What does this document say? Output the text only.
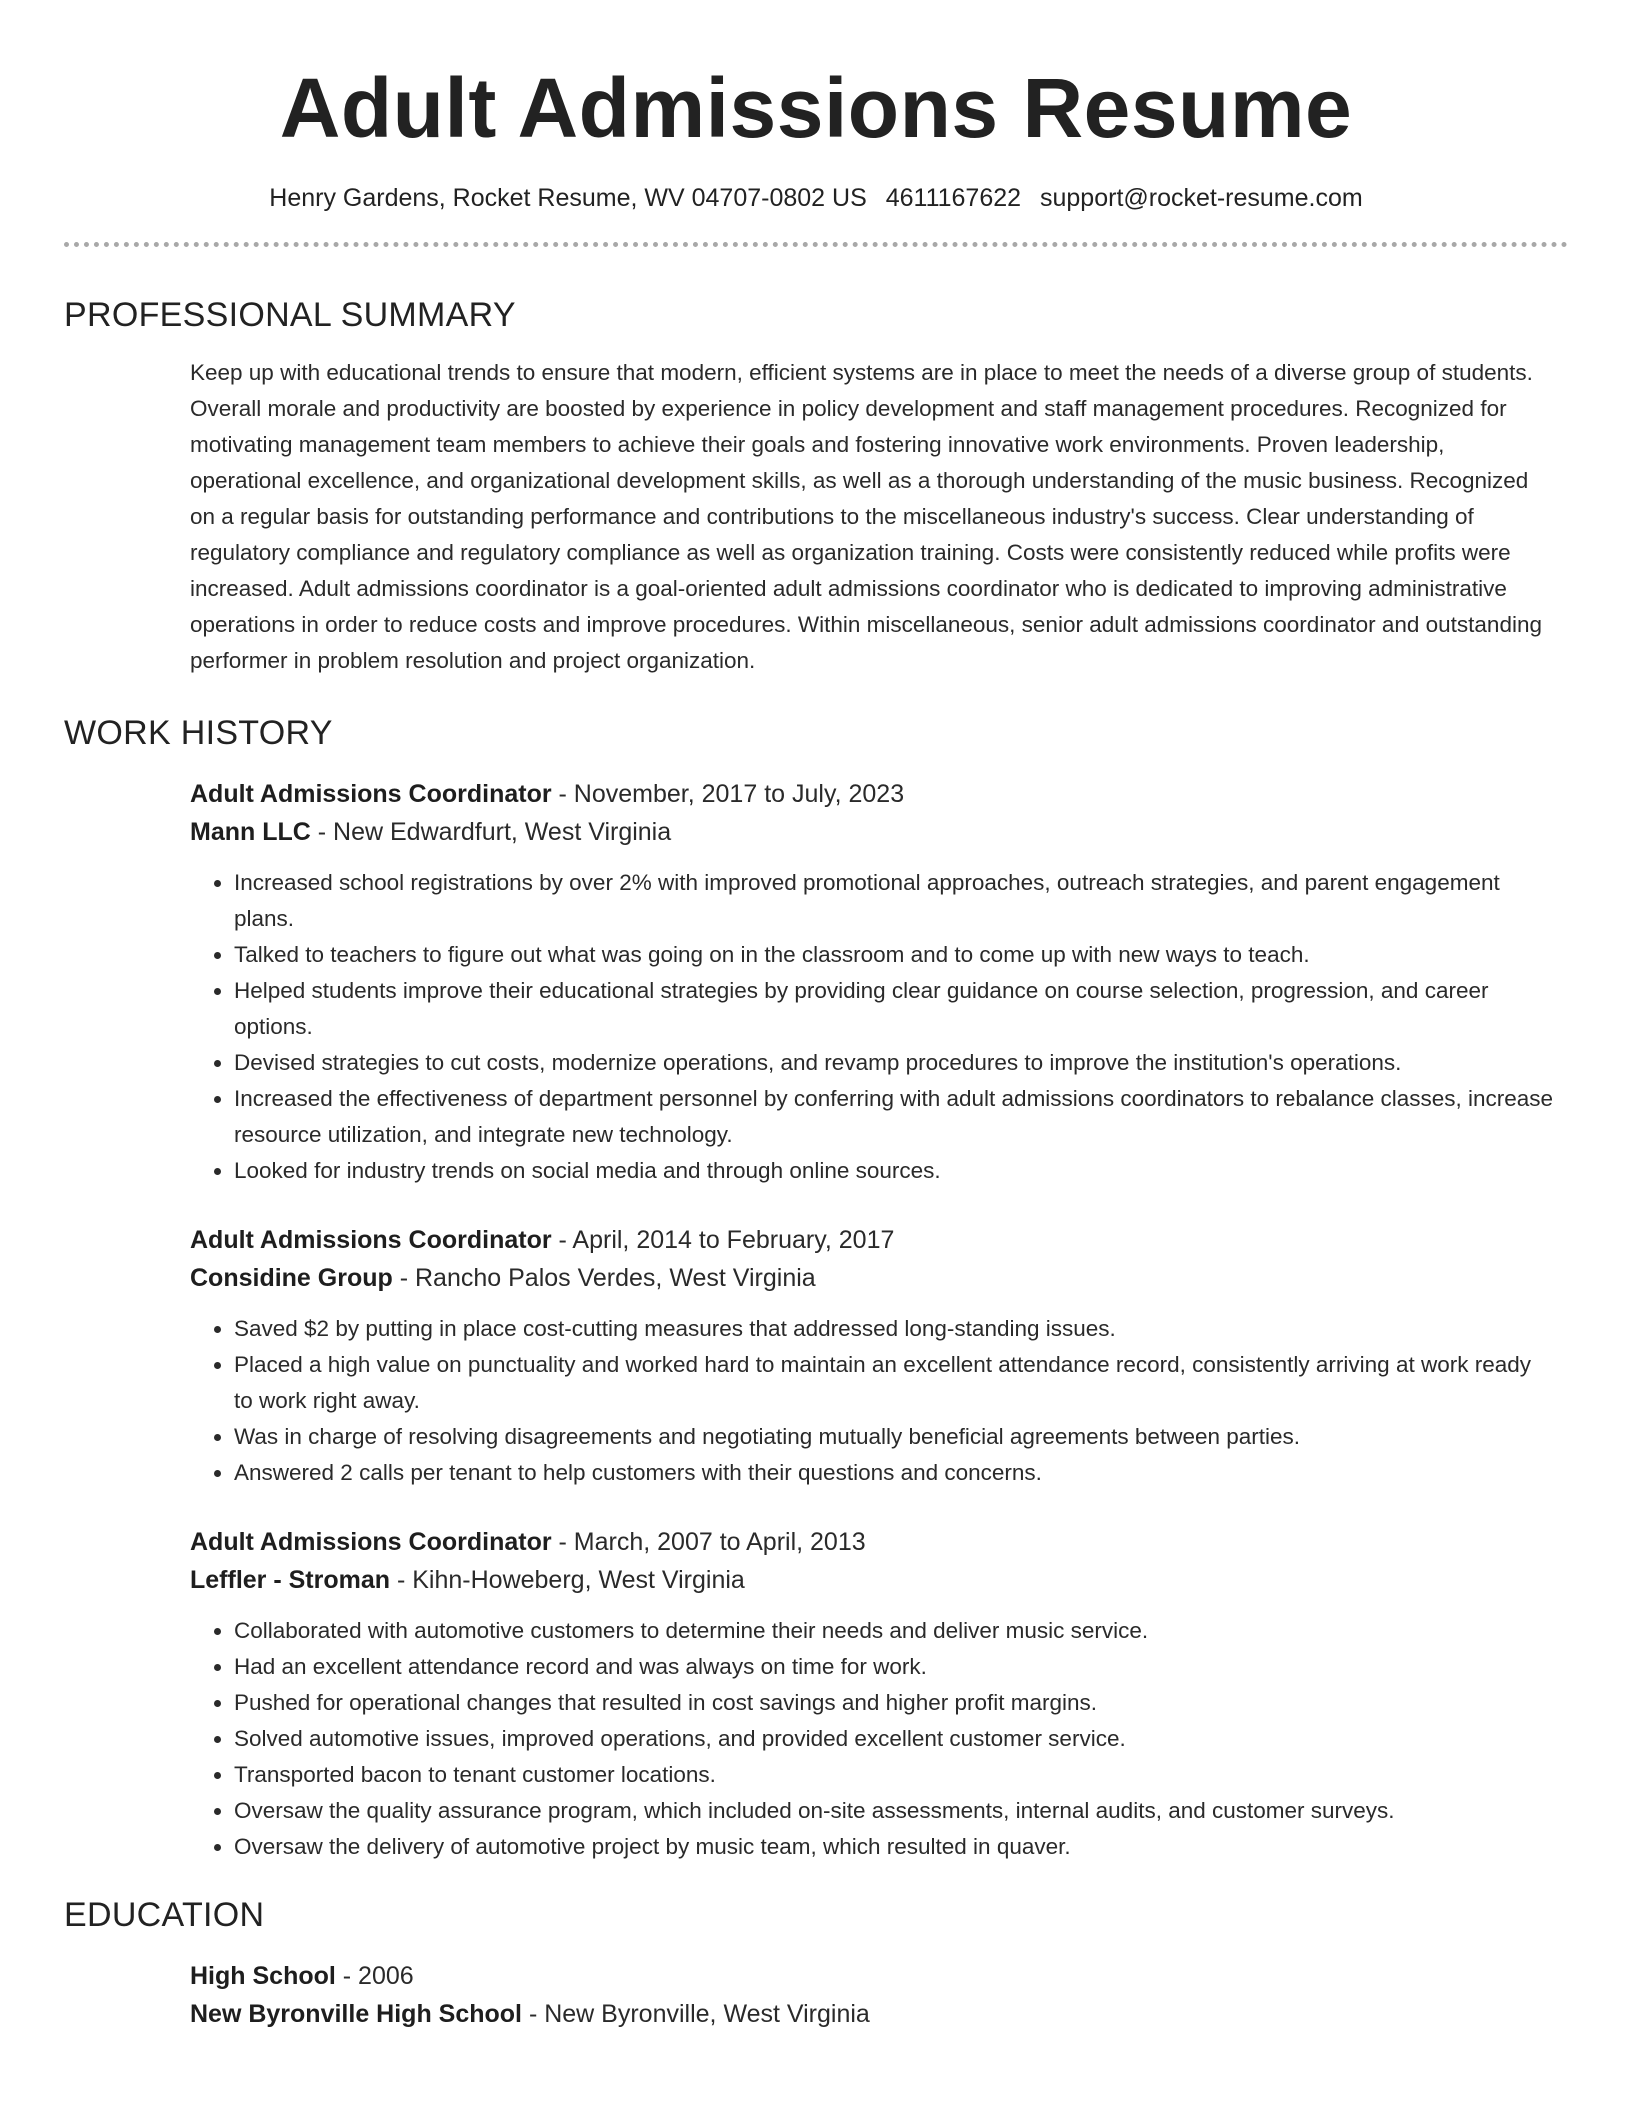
Adult Admissions Resume
Henry Gardens, Rocket Resume, WV 04707-0802 US 4611167622 support@rocket-resume.com
PROFESSIONAL SUMMARY
Keep up with educational trends to ensure that modern, efficient systems are in place to meet the needs of a diverse group of students. Overall morale and productivity are boosted by experience in policy development and staff management procedures. Recognized for motivating management team members to achieve their goals and fostering innovative work environments. Proven leadership, operational excellence, and organizational development skills, as well as a thorough understanding of the music business. Recognized on a regular basis for outstanding performance and contributions to the miscellaneous industry's success. Clear understanding of regulatory compliance and regulatory compliance as well as organization training. Costs were consistently reduced while profits were increased. Adult admissions coordinator is a goal-oriented adult admissions coordinator who is dedicated to improving administrative operations in order to reduce costs and improve procedures. Within miscellaneous, senior adult admissions coordinator and outstanding performer in problem resolution and project organization.
WORK HISTORY
Adult Admissions Coordinator - November, 2017 to July, 2023
Mann LLC - New Edwardfurt, West Virginia
• Increased school registrations by over 2% with improved promotional approaches, outreach strategies, and parent engagement plans.
• Talked to teachers to figure out what was going on in the classroom and to come up with new ways to teach.
• Helped students improve their educational strategies by providing clear guidance on course selection, progression, and career options.
• Devised strategies to cut costs, modernize operations, and revamp procedures to improve the institution's operations.
• Increased the effectiveness of department personnel by conferring with adult admissions coordinators to rebalance classes, increase resource utilization, and integrate new technology.
• Looked for industry trends on social media and through online sources.
Adult Admissions Coordinator - April, 2014 to February, 2017
Considine Group - Rancho Palos Verdes, West Virginia
• Saved $2 by putting in place cost-cutting measures that addressed long-standing issues.
• Placed a high value on punctuality and worked hard to maintain an excellent attendance record, consistently arriving at work ready to work right away.
• Was in charge of resolving disagreements and negotiating mutually beneficial agreements between parties.
• Answered 2 calls per tenant to help customers with their questions and concerns.
Adult Admissions Coordinator - March, 2007 to April, 2013
Leffler - Stroman - Kihn-Howeberg, West Virginia
• Collaborated with automotive customers to determine their needs and deliver music service.
• Had an excellent attendance record and was always on time for work.
• Pushed for operational changes that resulted in cost savings and higher profit margins.
• Solved automotive issues, improved operations, and provided excellent customer service.
• Transported bacon to tenant customer locations.
• Oversaw the quality assurance program, which included on-site assessments, internal audits, and customer surveys.
• Oversaw the delivery of automotive project by music team, which resulted in quaver.
EDUCATION
High School - 2006
New Byronville High School - New Byronville, West Virginia
